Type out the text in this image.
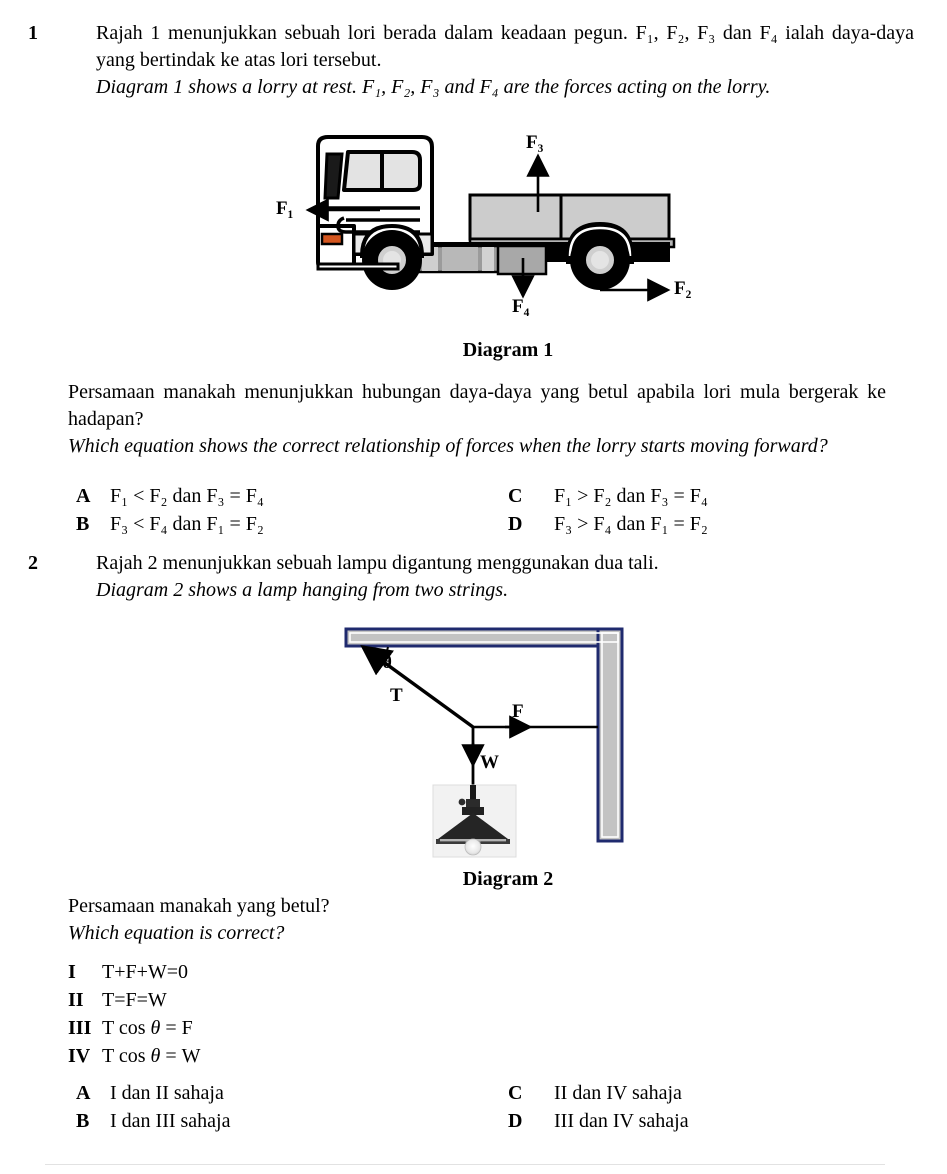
1	Rajah 1 menunjukkan sebuah lori berada dalam keadaan pegun. F₁, F₂, F₃ dan F₄ ialah daya-daya yang bertindak ke atas lori tersebut.
Diagram 1 shows a lorry at rest. F₁, F₂, F₃ and F₄ are the forces acting on the lorry.
F₁
F₃
F₄
F₂
Diagram 1
Persamaan manakah menunjukkan hubungan daya-daya yang betul apabila lori mula bergerak ke hadapan?
Which equation shows the correct relationship of forces when the lorry starts moving forward?
A F₁ < F₂ dan F₃ = F₄	C F₁ > F₂ dan F₃ = F₄
B F₃ < F₄ dan F₁ = F₂	D F₃ > F₄ dan F₁ = F₂
2	Rajah 2 menunjukkan sebuah lampu digantung menggunakan dua tali.
Diagram 2 shows a lamp hanging from two strings.
θ
T
F
W
Diagram 2
Persamaan manakah yang betul?
Which equation is correct?
I T+F+W=0
II T=F=W
III T cos θ = F
IV T cos θ = W
A I dan II sahaja	C II dan IV sahaja
B I dan III sahaja	D III dan IV sahaja
